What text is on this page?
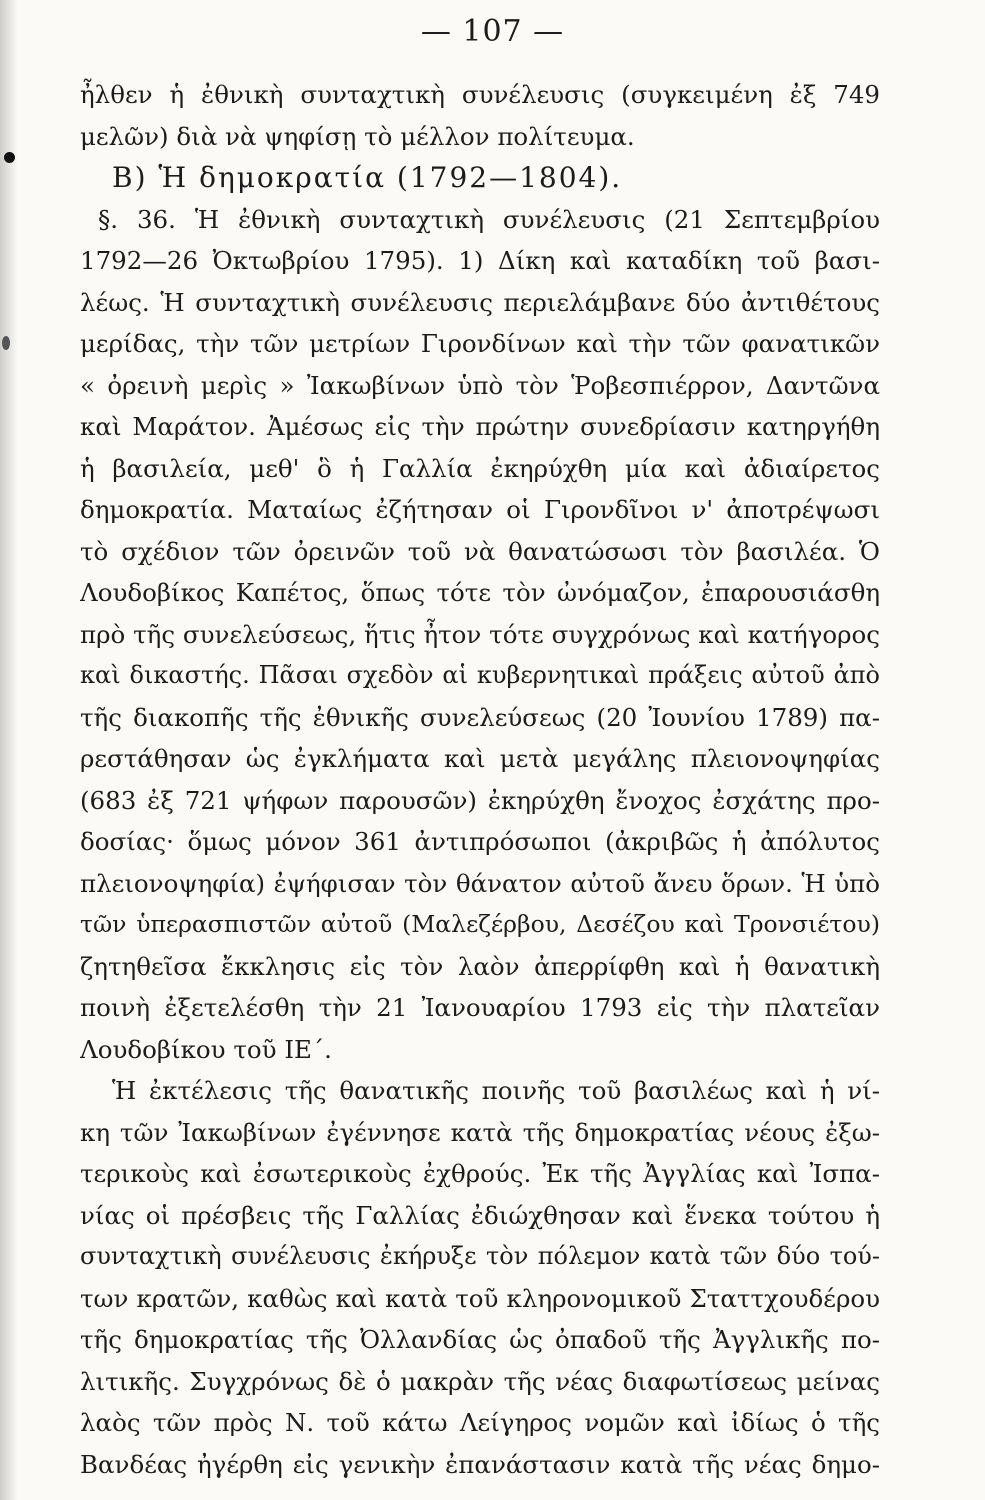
— 107 —
ἦλθεν ἡ ἐθνικὴ συνταχτικὴ συνέλευσις (συγκειμένη ἐξ 749
μελῶν) διὰ νὰ ψηφίσῃ τὸ μέλλον πολίτευμα.
B) Ἡ δημοκρατία (1792—1804).
§. 36. Ἡ ἐθνικὴ συνταχτικὴ συνέλευσις (21 Σεπτεμβρίου
1792—26 Ὀκτωβρίου 1795). 1) Δίκη καὶ καταδίκη τοῦ βασι-
λέως. Ἡ συνταχτικὴ συνέλευσις περιελάμβανε δύο ἀντιθέτους
μερίδας, τὴν τῶν μετρίων Γιρονδίνων καὶ τὴν τῶν φανατικῶν
« ὀρεινὴ μερὶς » Ἰακωβίνων ὑπὸ τὸν Ῥοβεσπιέρρον, Δαντῶνα
καὶ Μαράτον. Ἀμέσως εἰς τὴν πρώτην συνεδρίασιν κατηργήθη
ἡ βασιλεία, μεθ' ὃ ἡ Γαλλία ἐκηρύχθη μία καὶ ἀδιαίρετος
δημοκρατία. Ματαίως ἐζήτησαν οἱ Γιρονδῖνοι ν' ἀποτρέψωσι
τὸ σχέδιον τῶν ὀρεινῶν τοῦ νὰ θανατώσωσι τὸν βασιλέα. Ὁ
Λουδοβίκος Καπέτος, ὅπως τότε τὸν ὠνόμαζον, ἐπαρουσιάσθη
πρὸ τῆς συνελεύσεως, ἥτις ἦτον τότε συγχρόνως καὶ κατήγορος
καὶ δικαστής. Πᾶσαι σχεδὸν αἱ κυβερνητικαὶ πράξεις αὐτοῦ ἀπὸ
τῆς διακοπῆς τῆς ἐθνικῆς συνελεύσεως (20 Ἰουνίου 1789) πα-
ρεστάθησαν ὡς ἐγκλήματα καὶ μετὰ μεγάλης πλειονοψηφίας
(683 ἐξ 721 ψήφων παρουσῶν) ἐκηρύχθη ἔνοχος ἐσχάτης προ-
δοσίας· ὅμως μόνον 361 ἀντιπρόσωποι (ἀκριβῶς ἡ ἀπόλυτος
πλειονοψηφία) ἐψήφισαν τὸν θάνατον αὐτοῦ ἄνευ ὅρων. Ἡ ὑπὸ
τῶν ὑπερασπιστῶν αὐτοῦ (Μαλεζέρβου, Δεσέζου καὶ Τρονσιέτου)
ζητηθεῖσα ἔκκλησις εἰς τὸν λαὸν ἀπερρίφθη καὶ ἡ θανατικὴ
ποινὴ ἐξετελέσθη τὴν 21 Ἰανουαρίου 1793 εἰς τὴν πλατεῖαν
Λουδοβίκου τοῦ ΙΕ΄.
Ἡ ἐκτέλεσις τῆς θανατικῆς ποινῆς τοῦ βασιλέως καὶ ἡ νί-
κη τῶν Ἰακωβίνων ἐγέννησε κατὰ τῆς δημοκρατίας νέους ἐξω-
τερικοὺς καὶ ἐσωτερικοὺς ἐχθρούς. Ἐκ τῆς Ἀγγλίας καὶ Ἰσπα-
νίας οἱ πρέσβεις τῆς Γαλλίας ἐδιώχθησαν καὶ ἕνεκα τούτου ἡ
συνταχτικὴ συνέλευσις ἐκήρυξε τὸν πόλεμον κατὰ τῶν δύο τού-
των κρατῶν, καθὼς καὶ κατὰ τοῦ κληρονομικοῦ Σταττχουδέρου
τῆς δημοκρατίας τῆς Ὀλλανδίας ὡς ὀπαδοῦ τῆς Ἀγγλικῆς πο-
λιτικῆς. Συγχρόνως δὲ ὁ μακρὰν τῆς νέας διαφωτίσεως μείνας
λαὸς τῶν πρὸς Ν. τοῦ κάτω Λείγηρος νομῶν καὶ ἰδίως ὁ τῆς
Βανδέας ἠγέρθη εἰς γενικὴν ἐπανάστασιν κατὰ τῆς νέας δημο-
